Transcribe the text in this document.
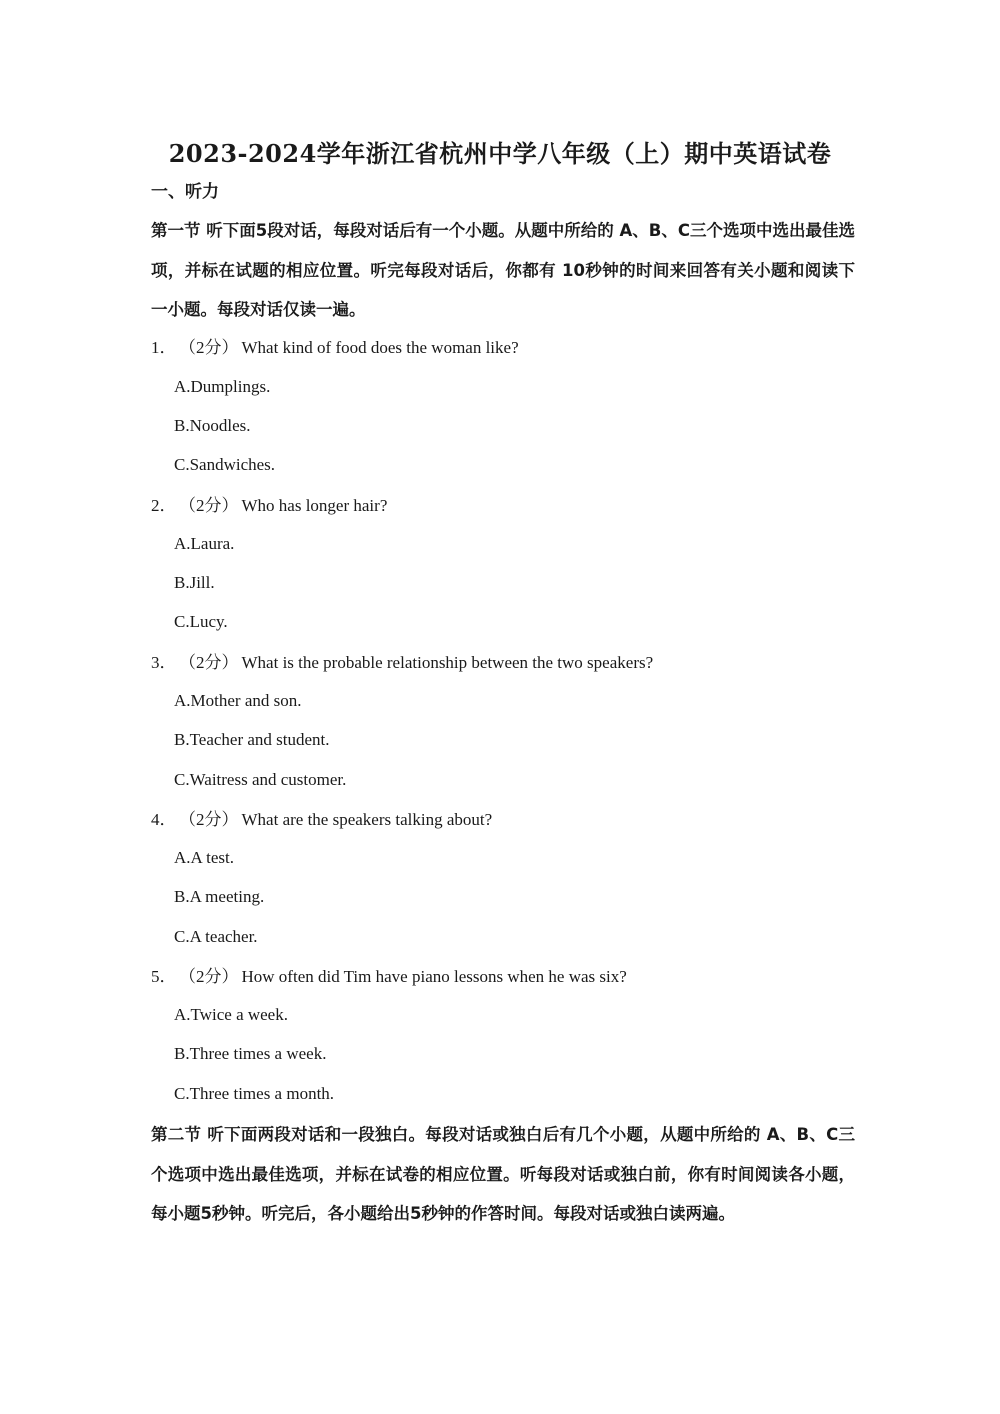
2023-2024学年浙江省杭州中学八年级（上）期中英语试卷
一、听力
第一节 听下面5段对话，每段对话后有一个小题。从题中所给的 A、B、C三个选项中选出最佳选项，并标在试题的相应位置。听完每段对话后，你都有 10秒钟的时间来回答有关小题和阅读下一小题。每段对话仅读一遍。
1． （2分） What kind of food does the woman like?
A.Dumplings.
B.Noodles.
C.Sandwiches.
2． （2分） Who has longer hair?
A.Laura.
B.Jill.
C.Lucy.
3． （2分） What is the probable relationship between the two speakers?
A.Mother and son.
B.Teacher and student.
C.Waitress and customer.
4． （2分） What are the speakers talking about?
A.A test.
B.A meeting.
C.A teacher.
5． （2分） How often did Tim have piano lessons when he was six?
A.Twice a week.
B.Three times a week.
C.Three times a month.
第二节 听下面两段对话和一段独白。每段对话或独白后有几个小题，从题中所给的 A、B、C三个选项中选出最佳选项，并标在试卷的相应位置。听每段对话或独白前，你有时间阅读各小题，每小题5秒钟。听完后，各小题给出5秒钟的作答时间。每段对话或独白读两遍。
